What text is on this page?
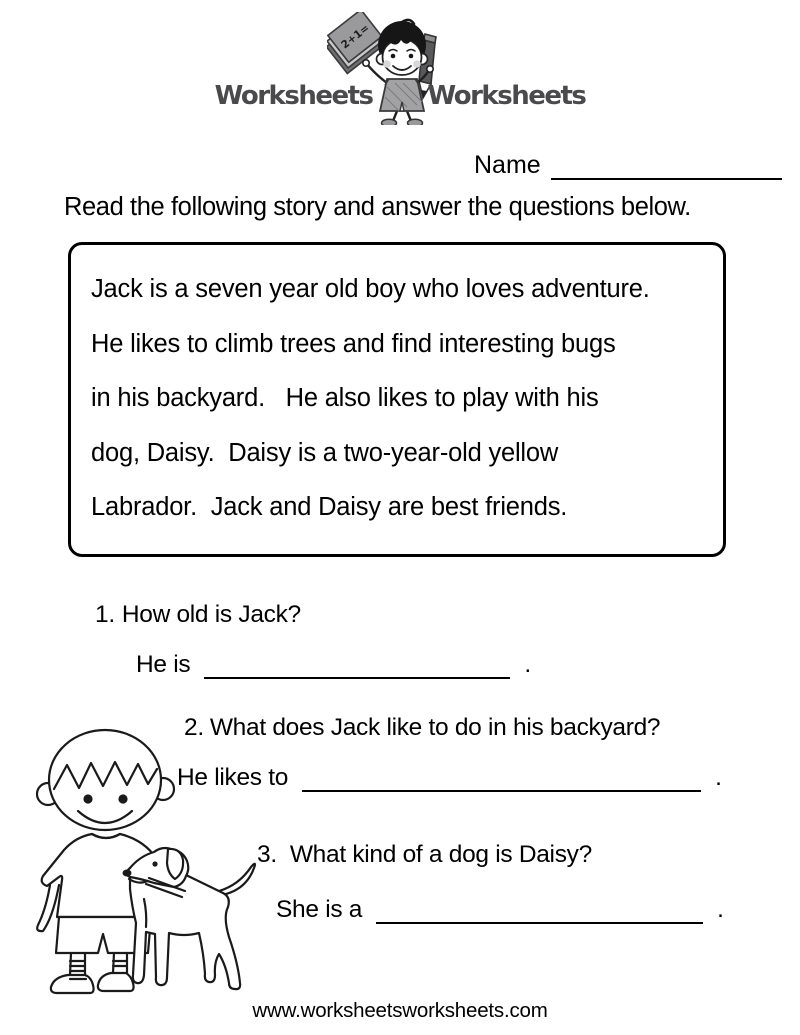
Worksheets
2+1=
Worksheets
Name
Read the following story and answer the questions below.
Jack is a seven year old boy who loves adventure.
He likes to climb trees and find interesting bugs
in his backyard.   He also likes to play with his
dog, Daisy.  Daisy is a two-year-old yellow
Labrador.  Jack and Daisy are best friends.
1. How old is Jack?
He is	.
2. What does Jack like to do in his backyard?
He likes to	.
3. What kind of a dog is Daisy?
She is a	.
www.worksheetsworksheets.com
